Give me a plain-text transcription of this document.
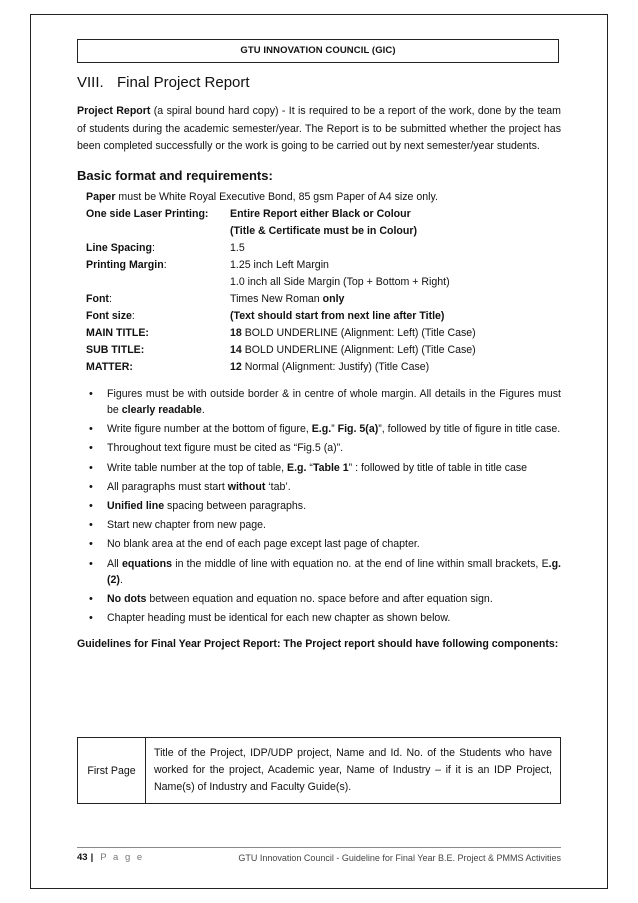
GTU INNOVATION COUNCIL (GIC)
VIII. Final Project Report

Project Report (a spiral bound hard copy) - It is required to be a report of the work, done by the team of students during the academic semester/year. The Report is to be submitted whether the project has been completed successfully or the work is going to be carried out by next semester/year students.

Basic format and requirements:
Paper must be White Royal Executive Bond, 85 gsm Paper of A4 size only.
One side Laser Printing:	Entire Report either Black or Colour
(Title & Certificate must be in Colour)
Line Spacing:	1.5
Printing Margin:	1.25 inch Left Margin
1.0 inch all Side Margin (Top + Bottom + Right)
Font:	Times New Roman only
Font size:	(Text should start from next line after Title)
MAIN TITLE:	18 BOLD UNDERLINE (Alignment: Left) (Title Case)
SUB TITLE:	14 BOLD UNDERLINE (Alignment: Left) (Title Case)
MATTER:	12 Normal (Alignment: Justify) (Title Case)
• Figures must be with outside border & in centre of whole margin. All details in the Figures must be clearly readable.
• Write figure number at the bottom of figure, E.g.” Fig. 5(a)”, followed by title of figure in title case.
• Throughout text figure must be cited as “Fig.5 (a)”.
• Write table number at the top of table, E.g. “Table 1” : followed by title of table in title case
• All paragraphs must start without ‘tab’.
• Unified line spacing between paragraphs.
• Start new chapter from new page.
• No blank area at the end of each page except last page of chapter.
• All equations in the middle of line with equation no. at the end of line within small brackets, E.g.(2).
• No dots between equation and equation no. space before and after equation sign.
• Chapter heading must be identical for each new chapter as shown below.

Guidelines for Final Year Project Report: The Project report should have following components:

First Page	Title of the Project, IDP/UDP project, Name and Id. No. of the Students who have worked for the project, Academic year, Name of Industry – if it is an IDP Project, Name(s) of Industry and Faculty Guide(s).
43 | P a g e	GTU Innovation Council - Guideline for Final Year B.E. Project & PMMS Activities
